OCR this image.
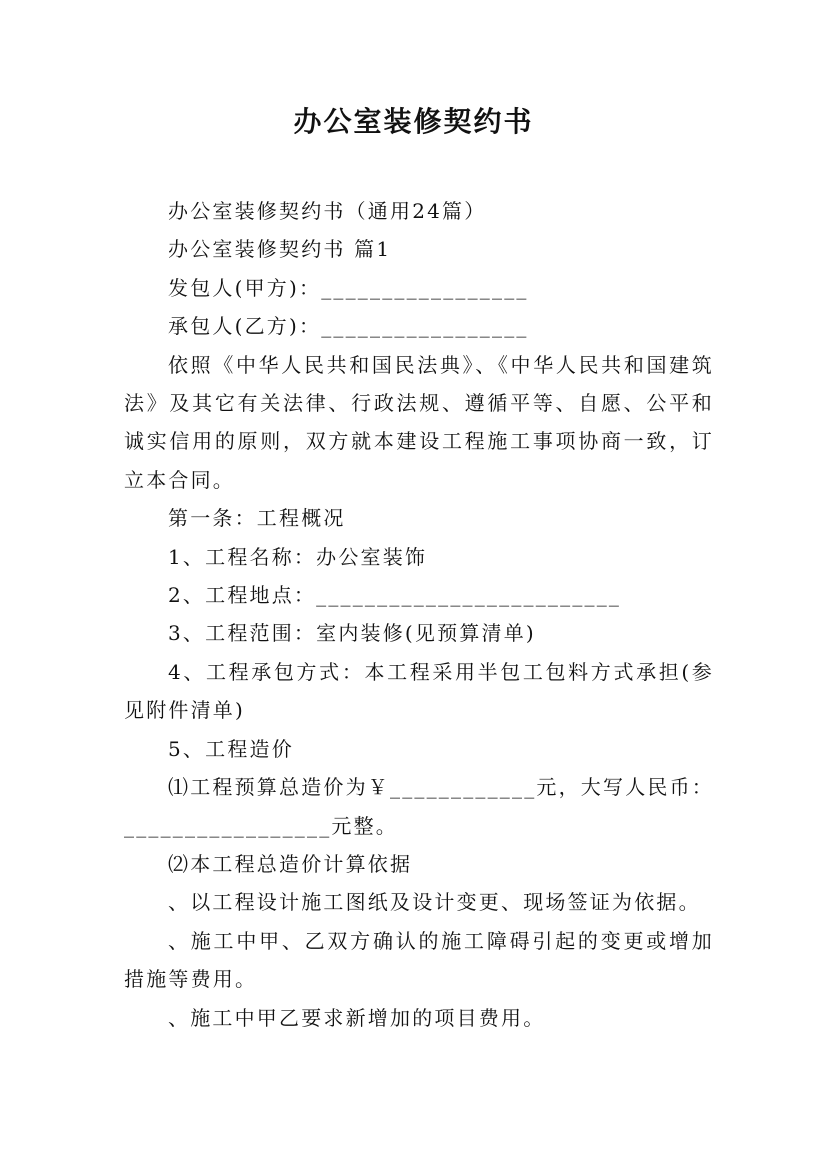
办公室装修契约书

办公室装修契约书（通用24篇）

办公室装修契约书 篇1

发包人(甲方)：_________________

承包人(乙方)：_________________

依照《中华人民共和国民法典》、《中华人民共和国建筑法》及其它有关法律、行政法规、遵循平等、自愿、公平和诚实信用的原则，双方就本建设工程施工事项协商一致，订立本合同。

第一条：工程概况

1、工程名称：办公室装饰

2、工程地点：_________________________

3、工程范围：室内装修(见预算清单)

4、工程承包方式：本工程采用半包工包料方式承担(参见附件清单)

5、工程造价

⑴工程预算总造价为￥____________元，大写人民币：_________________元整。

⑵本工程总造价计算依据

、以工程设计施工图纸及设计变更、现场签证为依据。

、施工中甲、乙双方确认的施工障碍引起的变更或增加措施等费用。

、施工中甲乙要求新增加的项目费用。
